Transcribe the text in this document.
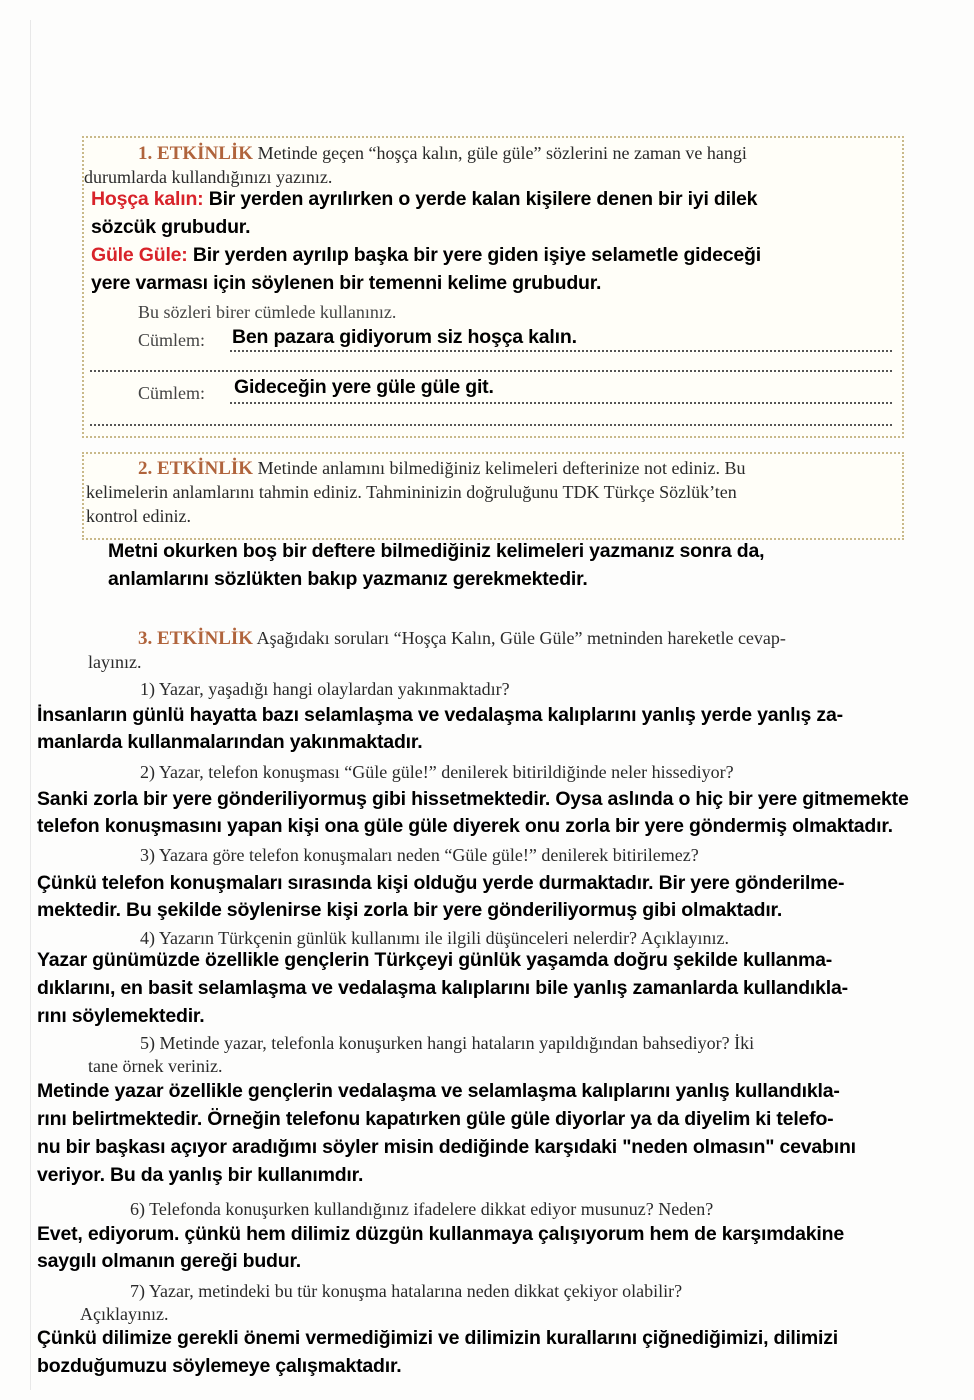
1. ETKİNLİK Metinde geçen “hoşça kalın, güle güle” sözlerini ne zaman ve hangi
durumlarda kullandığınızı yazınız.
Hoşça kalın: Bir yerden ayrılırken o yerde kalan kişilere denen bir iyi dilek
sözcük grubudur.
Güle Güle: Bir yerden ayrılıp başka bir yere giden işiye selametle gideceği
yere varması için söylenen bir temenni kelime grubudur.
Bu sözleri birer cümlede kullanınız.
Cümlem: Ben pazara gidiyorum siz hoşça kalın.
Cümlem: Gideceğin yere güle güle git.
2. ETKİNLİK Metinde anlamını bilmediğiniz kelimeleri defterinize not ediniz. Bu
kelimelerin anlamlarını tahmin ediniz. Tahmininizin doğruluğunu TDK Türkçe Sözlük’ten
kontrol ediniz.
Metni okurken boş bir deftere bilmediğiniz kelimeleri yazmanız sonra da,
anlamlarını sözlükten bakıp yazmanız gerekmektedir.
3. ETKİNLİK Aşağıdakı soruları “Hoşça Kalın, Güle Güle” metninden hareketle cevap-
layınız.
1) Yazar, yaşadığı hangi olaylardan yakınmaktadır?
İnsanların günlü hayatta bazı selamlaşma ve vedalaşma kalıplarını yanlış yerde yanlış za-
manlarda kullanmalarından yakınmaktadır.
2) Yazar, telefon konuşması “Güle güle!” denilerek bitirildiğinde neler hissediyor?
Sanki zorla bir yere gönderiliyormuş gibi hissetmektedir. Oysa aslında o hiç bir yere gitmemekte
telefon konuşmasını yapan kişi ona güle güle diyerek onu zorla bir yere göndermiş olmaktadır.
3) Yazara göre telefon konuşmaları neden “Güle güle!” denilerek bitirilemez?
Çünkü telefon konuşmaları sırasında kişi olduğu yerde durmaktadır. Bir yere gönderilme-
mektedir. Bu şekilde söylenirse kişi zorla bir yere gönderiliyormuş gibi olmaktadır.
4) Yazarın Türkçenin günlük kullanımı ile ilgili düşünceleri nelerdir? Açıklayınız.
Yazar günümüzde özellikle gençlerin Türkçeyi günlük yaşamda doğru şekilde kullanma-
dıklarını, en basit selamlaşma ve vedalaşma kalıplarını bile yanlış zamanlarda kullandıkla-
rını söylemektedir.
5) Metinde yazar, telefonla konuşurken hangi hataların yapıldığından bahsediyor? İki
tane örnek veriniz.
Metinde yazar özellikle gençlerin vedalaşma ve selamlaşma kalıplarını yanlış kullandıkla-
rını belirtmektedir. Örneğin telefonu kapatırken güle güle diyorlar ya da diyelim ki telefo-
nu bir başkası açıyor aradığımı söyler misin dediğinde karşıdaki "neden olmasın" cevabını
veriyor. Bu da yanlış bir kullanımdır.
6) Telefonda konuşurken kullandığınız ifadelere dikkat ediyor musunuz? Neden?
Evet, ediyorum. çünkü hem dilimiz düzgün kullanmaya çalışıyorum hem de karşımdakine
saygılı olmanın gereği budur.
7) Yazar, metindeki bu tür konuşma hatalarına neden dikkat çekiyor olabilir?
Açıklayınız.
Çünkü dilimize gerekli önemi vermediğimizi ve dilimizin kurallarını çiğnediğimizi, dilimizi
bozduğumuzu söylemeye çalışmaktadır.
